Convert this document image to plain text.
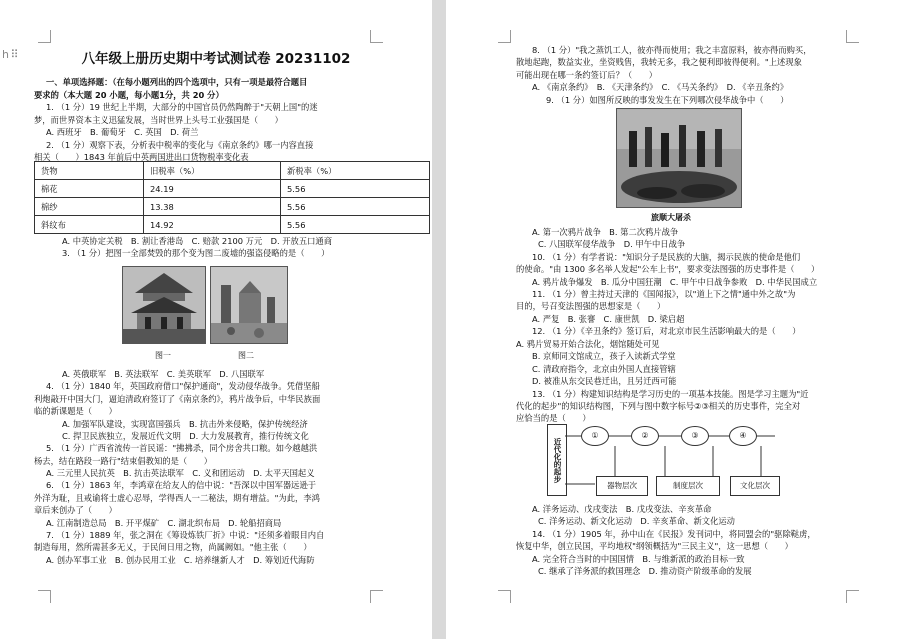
h ⠿	八年级上册历史期中考试测试卷 20231102
一、单项选择题：（在每小题列出的四个选项中，只有一项是最符合题目
要求的（本大题 20 小题，每小题1分，共 20 分）
1. （1 分）19 世纪上半期，大部分的中国官员仍然陶醉于"天朝上国"的迷
梦，而世界资本主义迅猛发展，当时世界上头号工业强国是（　　）
A. 西班牙　B. 葡萄牙　C. 英国　D. 荷兰
2. （1 分）观察下表，分析表中税率的变化与《南京条约》哪一内容直接
相关（　　）1843 年前后中英两国进出口货物税率变化表
货物	旧税率（%）	新税率（%）
棉花	24.19	5.56
棉纱	13.38	5.56
斜纹布	14.92	5.56
A. 中英协定关税　B. 割让香港岛　C. 赔款 2100 万元　D. 开放五口通商
3. （1 分）把图一全部焚毁的那个变为图二废墟的强盗侵略的是（　　）
图一	图二
A. 英俄联军　B. 英法联军　C. 美英联军　D. 八国联军
4. （1 分）1840 年，英国政府借口"保护通商"，发动侵华战争。凭借坚船
利炮敲开中国大门，逼迫清政府签订了《南京条约》，鸦片战争后，中华民族面
临的新课题是（　　）
A. 加强军队建设，实现富国强兵　B. 抗击外来侵略，保护传统经济
C. 捍卫民族独立，发展近代文明　D. 大力发展教育，推行传统文化
5. （1 分）广西省流传一首民谣："拂拂杀，同个房舍共口粮。如今越越洪
杨去，结在路段一路行"结束倡教知的是（　　）
A. 三元里人民抗英　B. 抗击英法联军　C. 义和团运动　D. 太平天国起义
6. （1 分）1863 年，李鸿章在给友人的信中说："吾深以中国军器远逊于
外洋为耻，且戒谕将士虚心忍辱，学得西人一二秘法，期有增益。"为此，李鸿
章后来创办了（　　）
A. 江南制造总局　B. 开平煤矿　C. 湖北织布局　D. 轮船招商局
7. （1 分）1889 年，张之洞在《筹设炼铁厂折》中说："还须多着眼目内自
制造每用，然所需甚多无乂，于民间日用之物，尚属阙如。"他主张（　　）
A. 创办军事工业　B. 创办民用工业　C. 培养继新人才　D. 筹划近代海防
8. （1 分）"我之蒸饥工人，彼亦得而使用；我之丰富原料，彼亦得而购买，
散地起跑，数益实业，坐资贱售，我转无多，我之便利即彼得便利。"上述现象
可能出现在哪一条约签订后？（　　）
A. 《南京条约》　B. 《天津条约》　C. 《马关条约》　D. 《辛丑条约》
9. （1 分）如图所反映的事发发生在下列哪次侵华战争中（　　）
旅顺大屠杀
A. 第一次鸦片战争　B. 第二次鸦片战争
C. 八国联军侵华战争　D. 甲午中日战争
10. （1 分）有学者说："知识分子是民族的大脑，揭示民族的使命是他们
的使命。"由 1300 多名举人发起"公车上书"，要求变法图强的历史事件是（　　）
A. 鸦片战争爆发　B. 瓜分中国狂潮　C. 甲午中日战争参败　D. 中华民国成立
11. （1 分）曾主持过天津的《国闻报》，以"道上下之情"通中外之故"为
目的，号召变法图强的思想家是（　　）
A. 严复　B. 张謇　C. 康世凯　D. 梁启超
12. （1 分）《辛丑条约》签订后，对北京市民生活影响最大的是（　　）
A. 鸦片贸易开始合法化，烟馆随处可见
B. 京师同文馆成立，孩子入读新式学堂
C. 清政府指令，北京由外国人直接管辖
D. 被准从东交民巷迁出，且另迁西可能
13. （1 分）构建知识结构是学习历史的一项基本技能。图是学习主题为"近
代化的起步"的知识结构图，下列与图中数字标号②③相关的历史事件，完全对
应恰当的是（　　）
近代化的起步
①	②	③	④
器物层次	制度层次	文化层次
A. 洋务运动、戊戌变法　B. 戊戌变法、辛亥革命
C. 洋务运动、新文化运动　D. 辛亥革命、新文化运动
14. （1 分）1905 年，孙中山在《民报》发刊词中，将同盟会的"驱除鞑虏，
恢复中华，创立民国，平均地权"纲领概括为"三民主义"，这一思想（　　）
A. 完全符合当时的中国国情　B. 与维新派的政治目标一致
C. 继承了洋务派的救国理念　D. 推动资产阶级革命的发展
